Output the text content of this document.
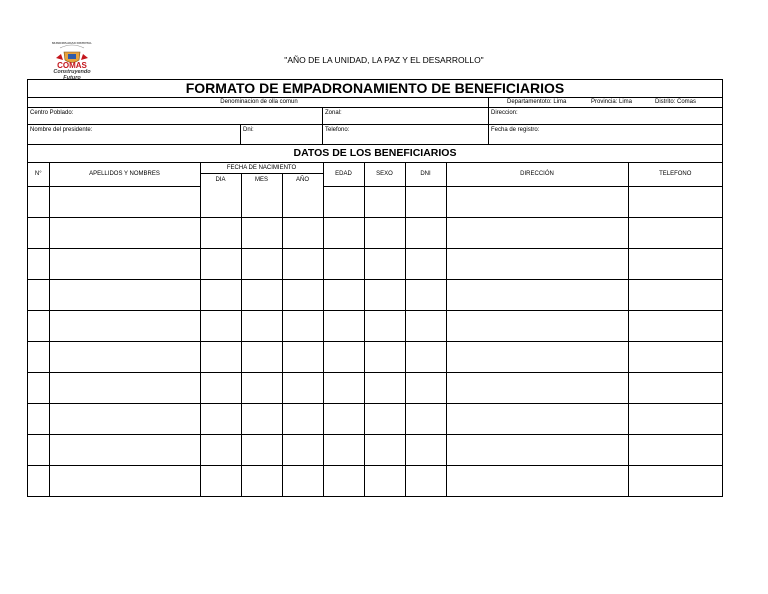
MUNICIPALIDAD DISTRITAL
COMAS
Construyendo Futuro
"AÑO DE LA UNIDAD, LA PAZ Y EL DESARROLLO"
FORMATO DE EMPADRONAMIENTO DE BENEFICIARIOS
Denominacion de olla comun	Departamentoto: Lima	Provincia: Lima	Distrito: Comas
Centro Poblado:	Zonal:	Direccion:
Nombre del presidente:	Dni:	Telefono:	Fecha de registro:
DATOS DE LOS BENEFICIARIOS
N°	APELLIDOS Y NOMBRES	FECHA DE NACIMIENTO			EDAD	SEXO	DNI	DIRECCIÓN	TELEFONO
		DIA	MES	AÑO					
